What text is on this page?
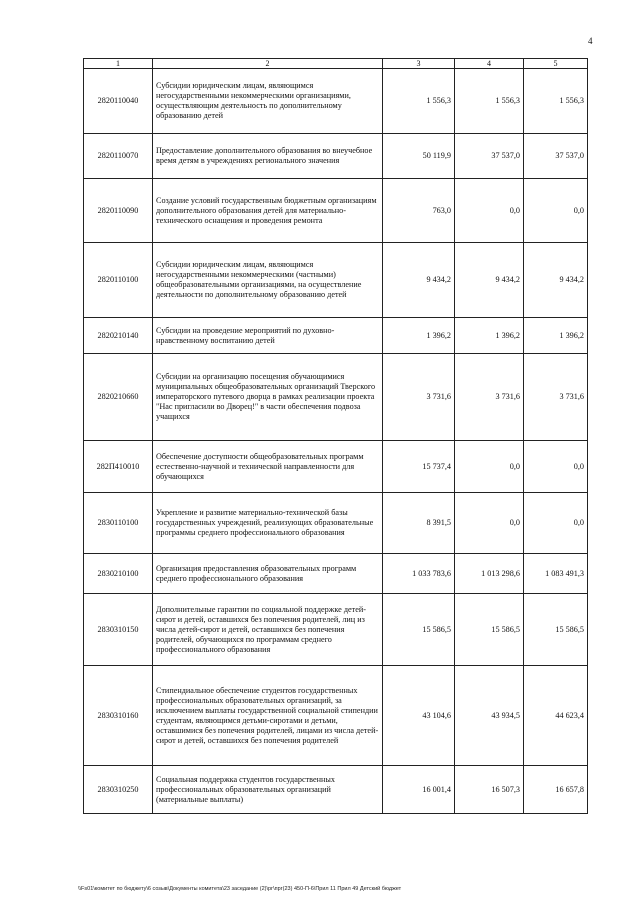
4
1	2	3	4	5
2820110040	Субсидии юридическим лицам, являющимся негосударственными некоммерческими организациями, осуществляющим деятельность по дополнительному образованию детей	1 556,3	1 556,3	1 556,3
2820110070	Предоставление дополнительного образования во внеучебное время детям в учреждениях регионального значения	50 119,9	37 537,0	37 537,0
2820110090	Создание условий государственным бюджетным организациям дополнительного образования детей для материально-технического оснащения и проведения ремонта	763,0	0,0	0,0
2820110100	Субсидии юридическим лицам, являющимся негосударственными некоммерческими (частными) общеобразовательными организациями, на осуществление деятельности по дополнительному образованию детей	9 434,2	9 434,2	9 434,2
2820210140	Субсидии на проведение мероприятий по духовно-нравственному воспитанию детей	1 396,2	1 396,2	1 396,2
2820210660	Субсидии на организацию посещения обучающимися муниципальных общеобразовательных организаций Тверского императорского путевого дворца в рамках реализации проекта "Нас пригласили во Дворец!" в части обеспечения подвоза учащихся	3 731,6	3 731,6	3 731,6
282П410010	Обеспечение доступности общеобразовательных программ естественно-научной и технической направленности для обучающихся	15 737,4	0,0	0,0
2830110100	Укрепление и развитие материально-технической базы государственных учреждений, реализующих образовательные программы среднего профессионального образования	8 391,5	0,0	0,0
2830210100	Организация предоставления образовательных программ среднего профессионального образования	1 033 783,6	1 013 298,6	1 083 491,3
2830310150	Дополнительные гарантии по социальной поддержке детей-сирот и детей, оставшихся без попечения родителей, лиц из числа детей-сирот и детей, оставшихся без попечения родителей, обучающихся по программам среднего профессионального образования	15 586,5	15 586,5	15 586,5
2830310160	Стипендиальное обеспечение студентов государственных профессиональных образовательных организаций, за исключением выплаты государственной социальной стипендии студентам, являющимся детьми-сиротами и детьми, оставшимися без попечения родителей, лицами из числа детей-сирот и детей, оставшихся без попечения родителей	43 104,6	43 934,5	44 623,4
2830310250	Социальная поддержка студентов государственных профессиональных образовательных организаций (материальные выплаты)	16 001,4	16 507,3	16 657,8
\\Fs01\комитет по бюджету\6 созыв\Документы комитета\23 заседание (2)\рг\прг(23) 450-П-6\Прил 11 Прил 49 Детский бюджет
